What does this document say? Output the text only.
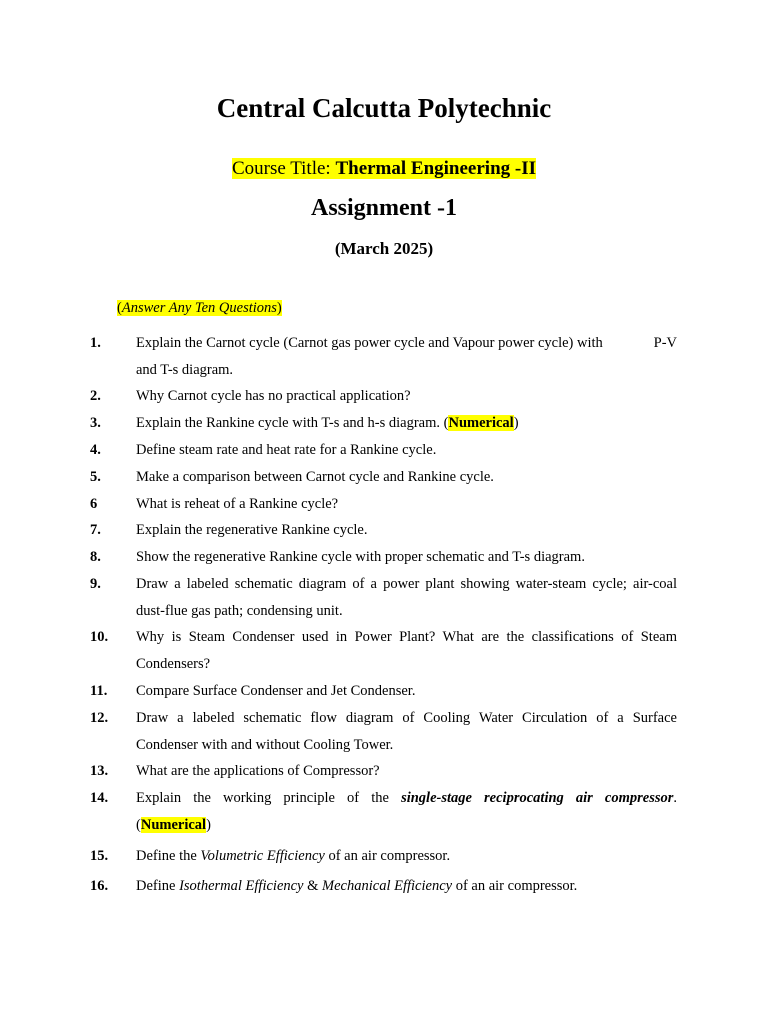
Central Calcutta Polytechnic
Course Title: Thermal Engineering -II
Assignment -1
(March 2025)
(Answer Any Ten Questions)
1. Explain the Carnot cycle (Carnot gas power cycle and Vapour power cycle) with	P-V
and T-s diagram.
2. Why Carnot cycle has no practical application?
3. Explain the Rankine cycle with T-s and h-s diagram. (Numerical)
4. Define steam rate and heat rate for a Rankine cycle.
5. Make a comparison between Carnot cycle and Rankine cycle.
6	What is reheat of a Rankine cycle?
7. Explain the regenerative Rankine cycle.
8. Show the regenerative Rankine cycle with proper schematic and T-s diagram.
9. Draw a labeled schematic diagram of a power plant showing water-steam cycle; air-coal
dust-flue gas path; condensing unit.
10. Why is Steam Condenser used in Power Plant? What are the classifications of Steam
Condensers?
11. Compare Surface Condenser and Jet Condenser.
12. Draw a labeled schematic flow diagram of Cooling Water Circulation of a Surface
Condenser with and without Cooling Tower.
13. What are the applications of Compressor?
14. Explain the working principle of the single-stage reciprocating air compressor.
(Numerical)
15. Define the Volumetric Efficiency of an air compressor.
16. Define Isothermal Efficiency & Mechanical Efficiency of an air compressor.
